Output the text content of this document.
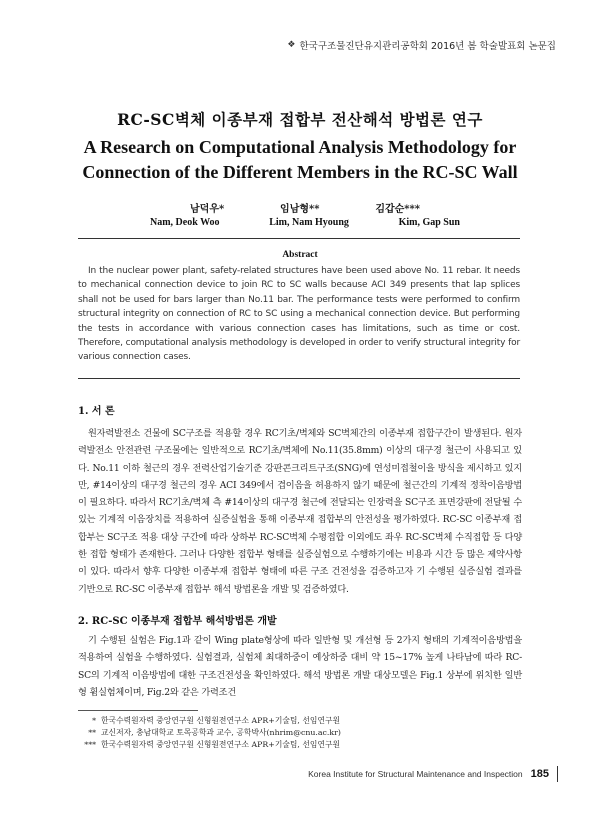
❖ 한국구조물진단유지관리공학회 2016년 봄 학술발표회 논문집
RC-SC벽체 이종부재 접합부 전산해석 방법론 연구
A Research on Computational Analysis Methodology for
Connection of the Different Members in the RC-SC Wall
남덕우*	임남형**	김갑순***
Nam, Deok Woo	Lim, Nam Hyoung	Kim, Gap Sun
Abstract
In the nuclear power plant, safety-related structures have been used above No. 11 rebar. It needs to mechanical connection device to join RC to SC walls because ACI 349 presents that lap splices shall not be used for bars larger than No.11 bar. The performance tests were performed to confirm structural integrity on connection of RC to SC using a mechanical connection device. But performing the tests in accordance with various connection cases has limitations, such as time or cost. Therefore, computational analysis methodology is developed in order to verify structural integrity for various connection cases.
1. 서 론
원자력발전소 건물에 SC구조를 적용할 경우 RC기초/벽체와 SC벽체간의 이종부재 접합구간이 발생된다. 원자력발전소 안전관련 구조물에는 일반적으로 RC기초/벽체에 No.11(35.8mm) 이상의 대구경 철근이 사용되고 있다. No.11 이하 철근의 경우 전력산업기술기준 강판콘크리트구조(SNG)에 연성미접철이을 방식을 제시하고 있지만, #14이상의 대구경 철근의 경우 ACI 349에서 겹이음을 허용하지 않기 때문에 철근간의 기계적 정착이음방법이 필요하다. 따라서 RC기초/벽체 측 #14이상의 대구경 철근에 전달되는 인장력을 SC구조 표면강판에 전달될 수 있는 기계적 이음장치를 적용하여 실증실험을 통해 이종부재 접합부의 안전성을 평가하였다. RC-SC 이종부재 접합부는 SC구조 적용 대상 구간에 따라 상하부 RC-SC벽체 수평접합 이외에도 좌우 RC-SC벽체 수직접합 등 다양한 접합 형태가 존재한다. 그러나 다양한 접합부 형태를 실증실험으로 수행하기에는 비용과 시간 등 많은 제약사항이 있다. 따라서 향후 다양한 이종부재 접합부 형태에 따른 구조 건전성을 검증하고자 기 수행된 실증실험 결과를 기반으로 RC-SC 이종부재 접합부 해석 방법론을 개발 및 검증하였다.
2. RC-SC 이종부재 접합부 해석방법론 개발
기 수행된 실험은 Fig.1과 같이 Wing plate형상에 따라 일반형 및 개선형 등 2가지 형태의 기계적이음방법을 적용하여 실험을 수행하였다. 실험결과, 실험체 최대하중이 예상하중 대비 약 15~17% 높게 나타남에 따라 RC-SC의 기계적 이음방법에 대한 구조건전성을 확인하였다. 해석 방법론 개발 대상모델은 Fig.1 상부에 위치한 일반형 휨실험체이며, Fig.2와 같은 가력조건
* 한국수력원자력 중앙연구원 신형원전연구소 APR+기술팀, 선임연구원
** 교신저자, 충남대학교 토목공학과 교수, 공학박사(nhrim@cnu.ac.kr)
*** 한국수력원자력 중앙연구원 신형원전연구소 APR+기술팀, 선임연구원
Korea Institute for Structural Maintenance and Inspection 185
